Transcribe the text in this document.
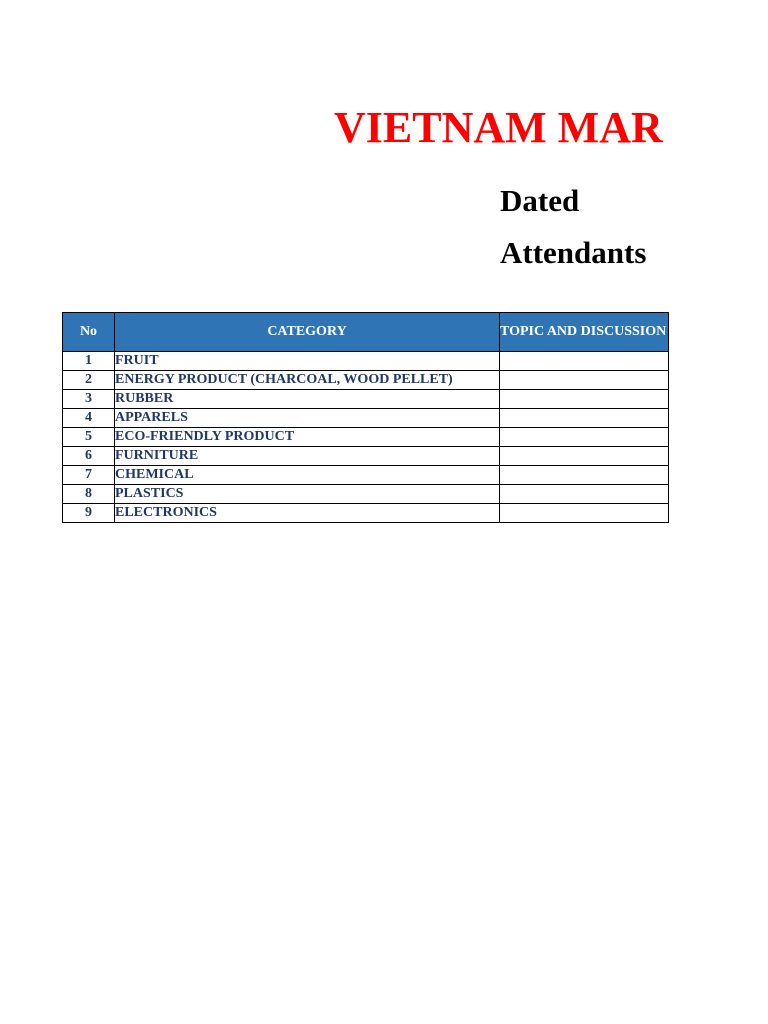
VIETNAM MAR
Dated
Attendants
No	CATEGORY	TOPIC AND DISCUSSION POINT
1	FRUIT	
2	ENERGY PRODUCT (CHARCOAL, WOOD PELLET)	
3	RUBBER	
4	APPARELS	
5	ECO-FRIENDLY PRODUCT	
6	FURNITURE	
7	CHEMICAL	
8	PLASTICS	
9	ELECTRONICS	
